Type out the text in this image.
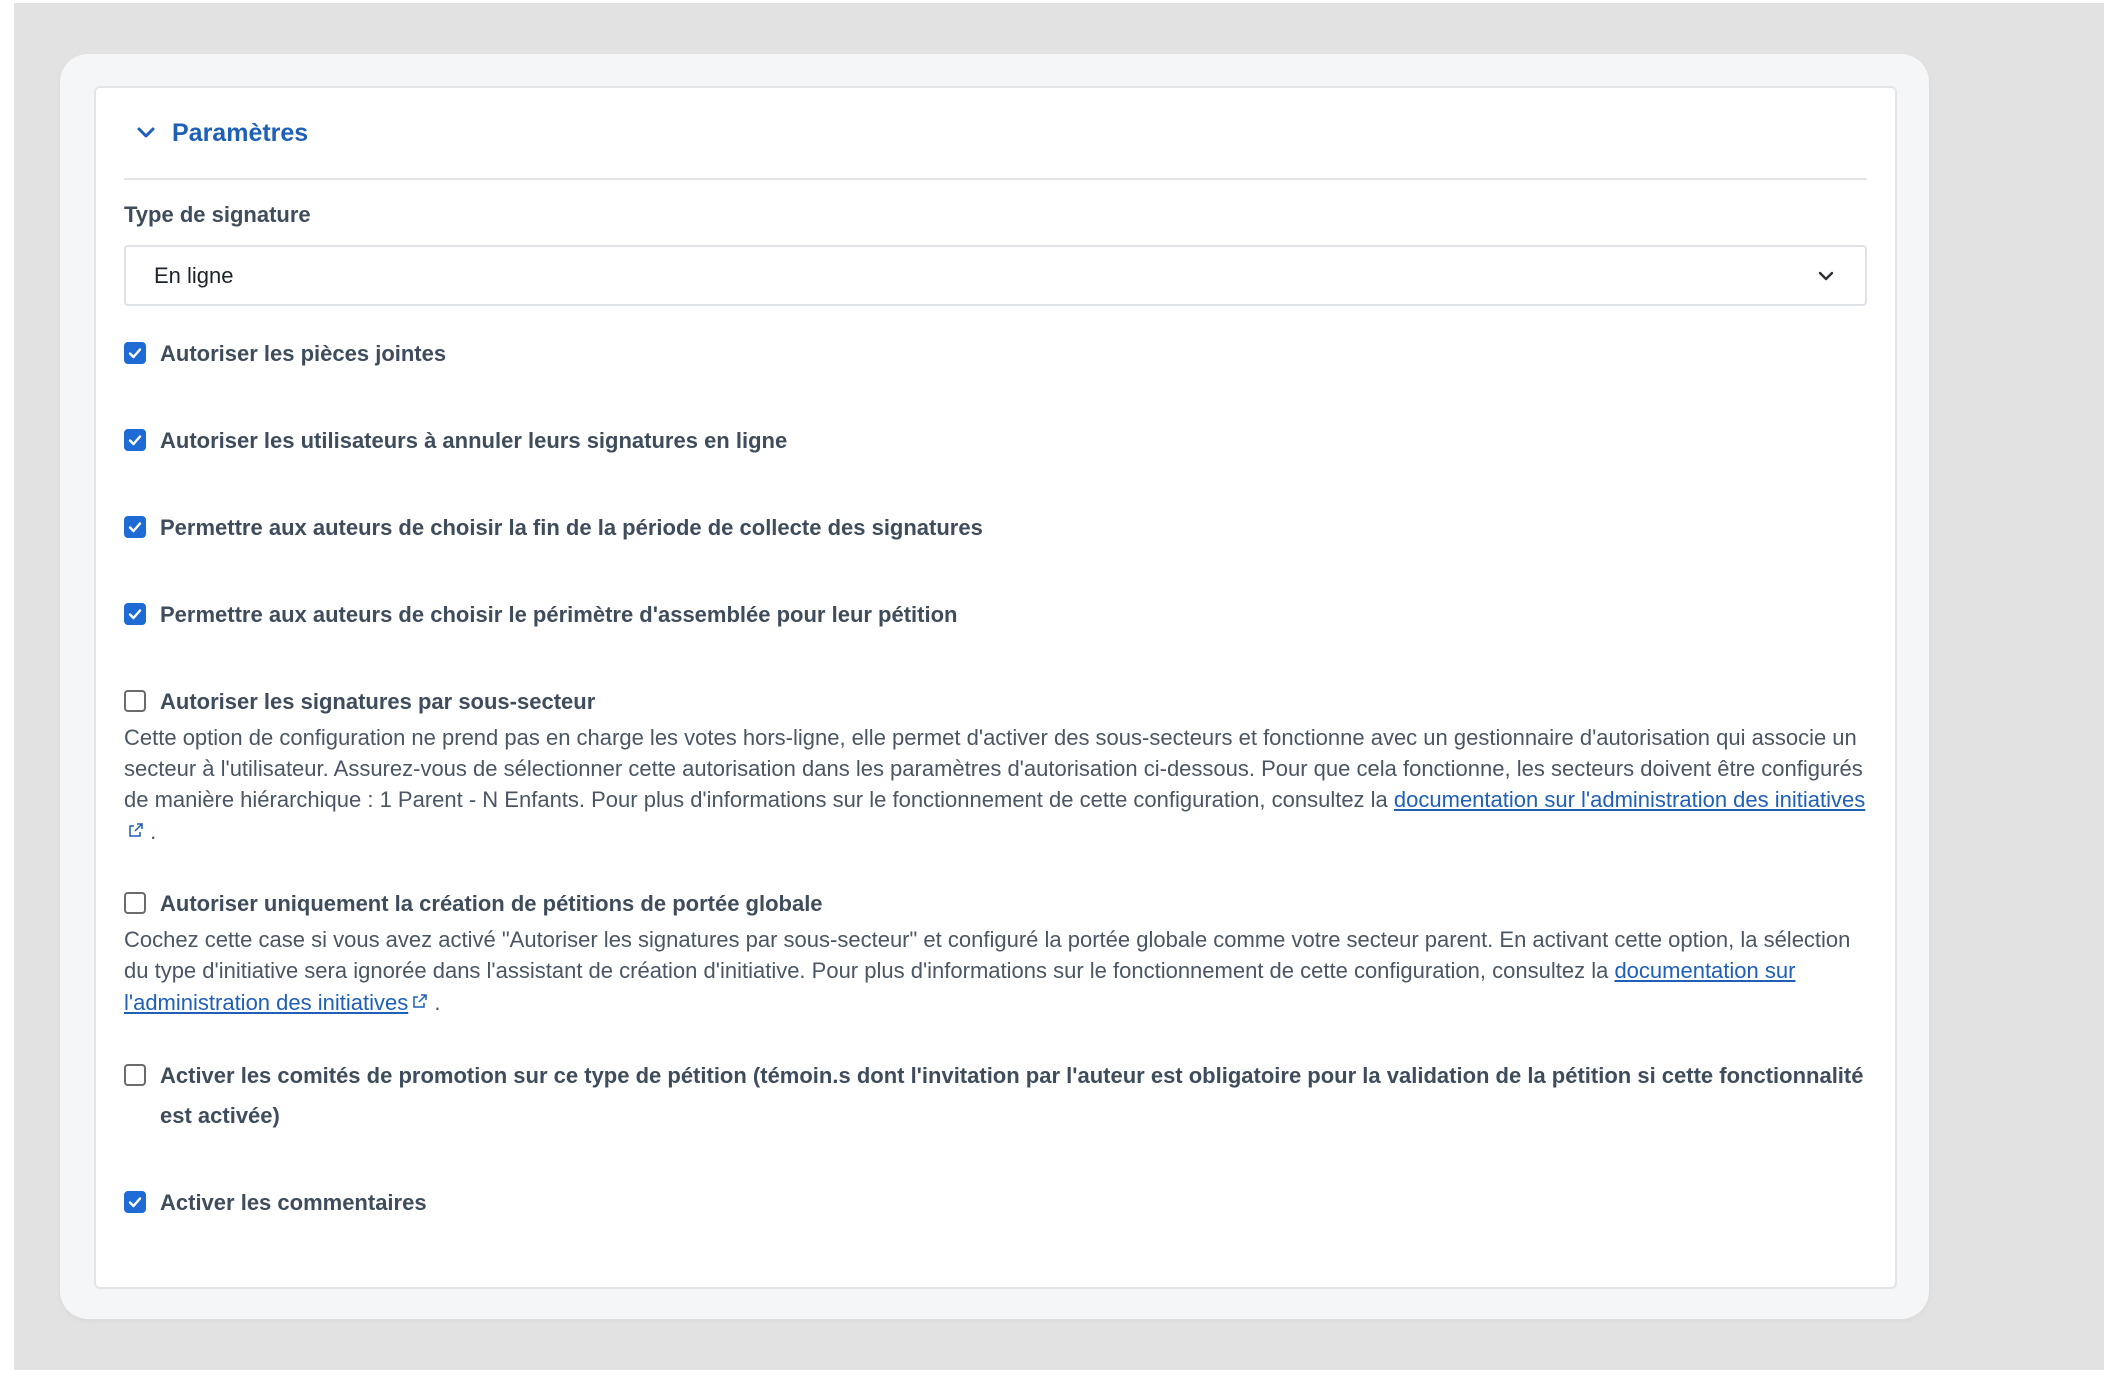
Paramètres
Type de signature
En ligne
Autoriser les pièces jointes
Autoriser les utilisateurs à annuler leurs signatures en ligne
Permettre aux auteurs de choisir la fin de la période de collecte des signatures
Permettre aux auteurs de choisir le périmètre d'assemblée pour leur pétition
Autoriser les signatures par sous-secteur
Cette option de configuration ne prend pas en charge les votes hors-ligne, elle permet d'activer des sous-secteurs et fonctionne avec un gestionnaire d'autorisation qui associe un secteur à l'utilisateur. Assurez-vous de sélectionner cette autorisation dans les paramètres d'autorisation ci-dessous. Pour que cela fonctionne, les secteurs doivent être configurés de manière hiérarchique : 1 Parent - N Enfants. Pour plus d'informations sur le fonctionnement de cette configuration, consultez la documentation sur l'administration des initiatives .
Autoriser uniquement la création de pétitions de portée globale
Cochez cette case si vous avez activé "Autoriser les signatures par sous-secteur" et configuré la portée globale comme votre secteur parent. En activant cette option, la sélection du type d'initiative sera ignorée dans l'assistant de création d'initiative. Pour plus d'informations sur le fonctionnement de cette configuration, consultez la documentation sur l'administration des initiatives .
Activer les comités de promotion sur ce type de pétition (témoin.s dont l'invitation par l'auteur est obligatoire pour la validation de la pétition si cette fonctionnalité est activée)
Activer les commentaires
